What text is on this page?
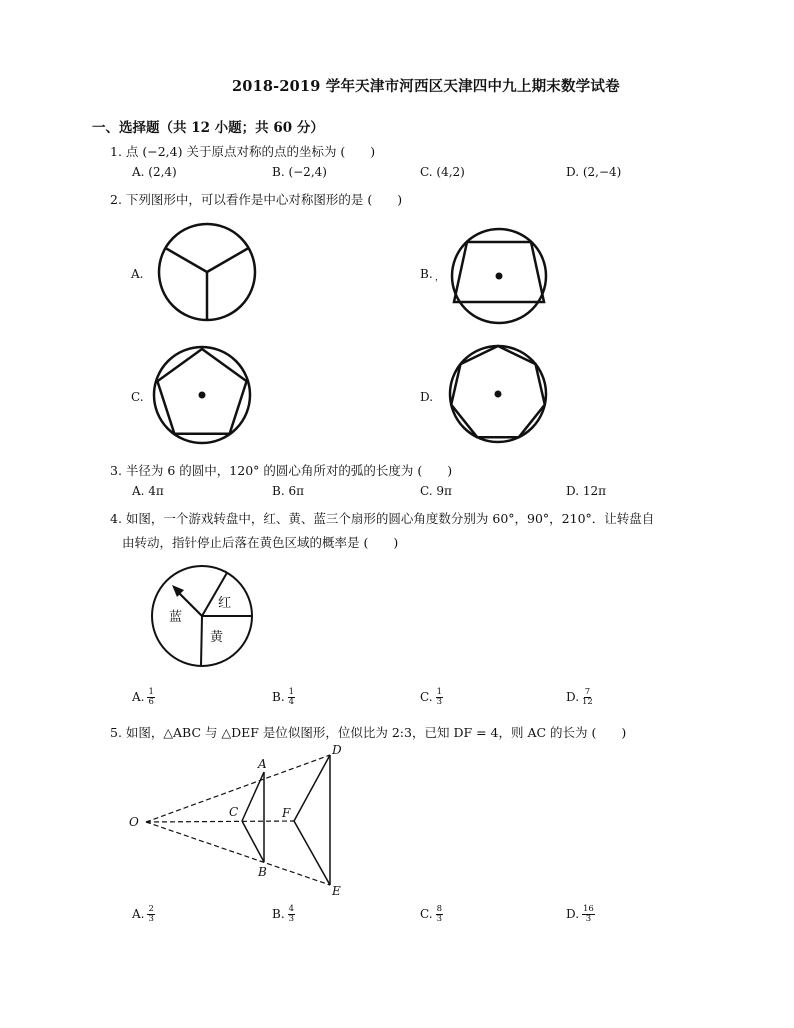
2018-2019 学年天津市河西区天津四中九上期末数学试卷
一、选择题（共 12 小题；共 60 分）
1. 点 (−2,4) 关于原点对称的点的坐标为 (　　)
A. (2,4)	B. (−2,4)	C. (4,2)	D. (2,−4)
2. 下列图形中，可以看作是中心对称图形的是 (　　)
A.	B. ，
C.	D.
3. 半径为 6 的圆中，120° 的圆心角所对的弧的长度为 (　　)
A. 4π	B. 6π	C. 9π	D. 12π
4. 如图，一个游戏转盘中，红、黄、蓝三个扇形的圆心角度数分别为 60°，90°，210°．让转盘自
由转动，指针停止后落在黄色区域的概率是 (　　)
蓝
红
黄
A. $\frac{1}{6}$	B. $\frac{1}{4}$	C. $\frac{1}{3}$	D. $\frac{7}{12}$
5. 如图，△ABC 与 △DEF 是位似图形，位似比为 2:3，已知 DF = 4，则 AC 的长为 (　　)
O
A
B
C
D
E
F
A. $\frac{2}{3}$	B. $\frac{4}{3}$	C. $\frac{8}{3}$	D. $\frac{16}{3}$
